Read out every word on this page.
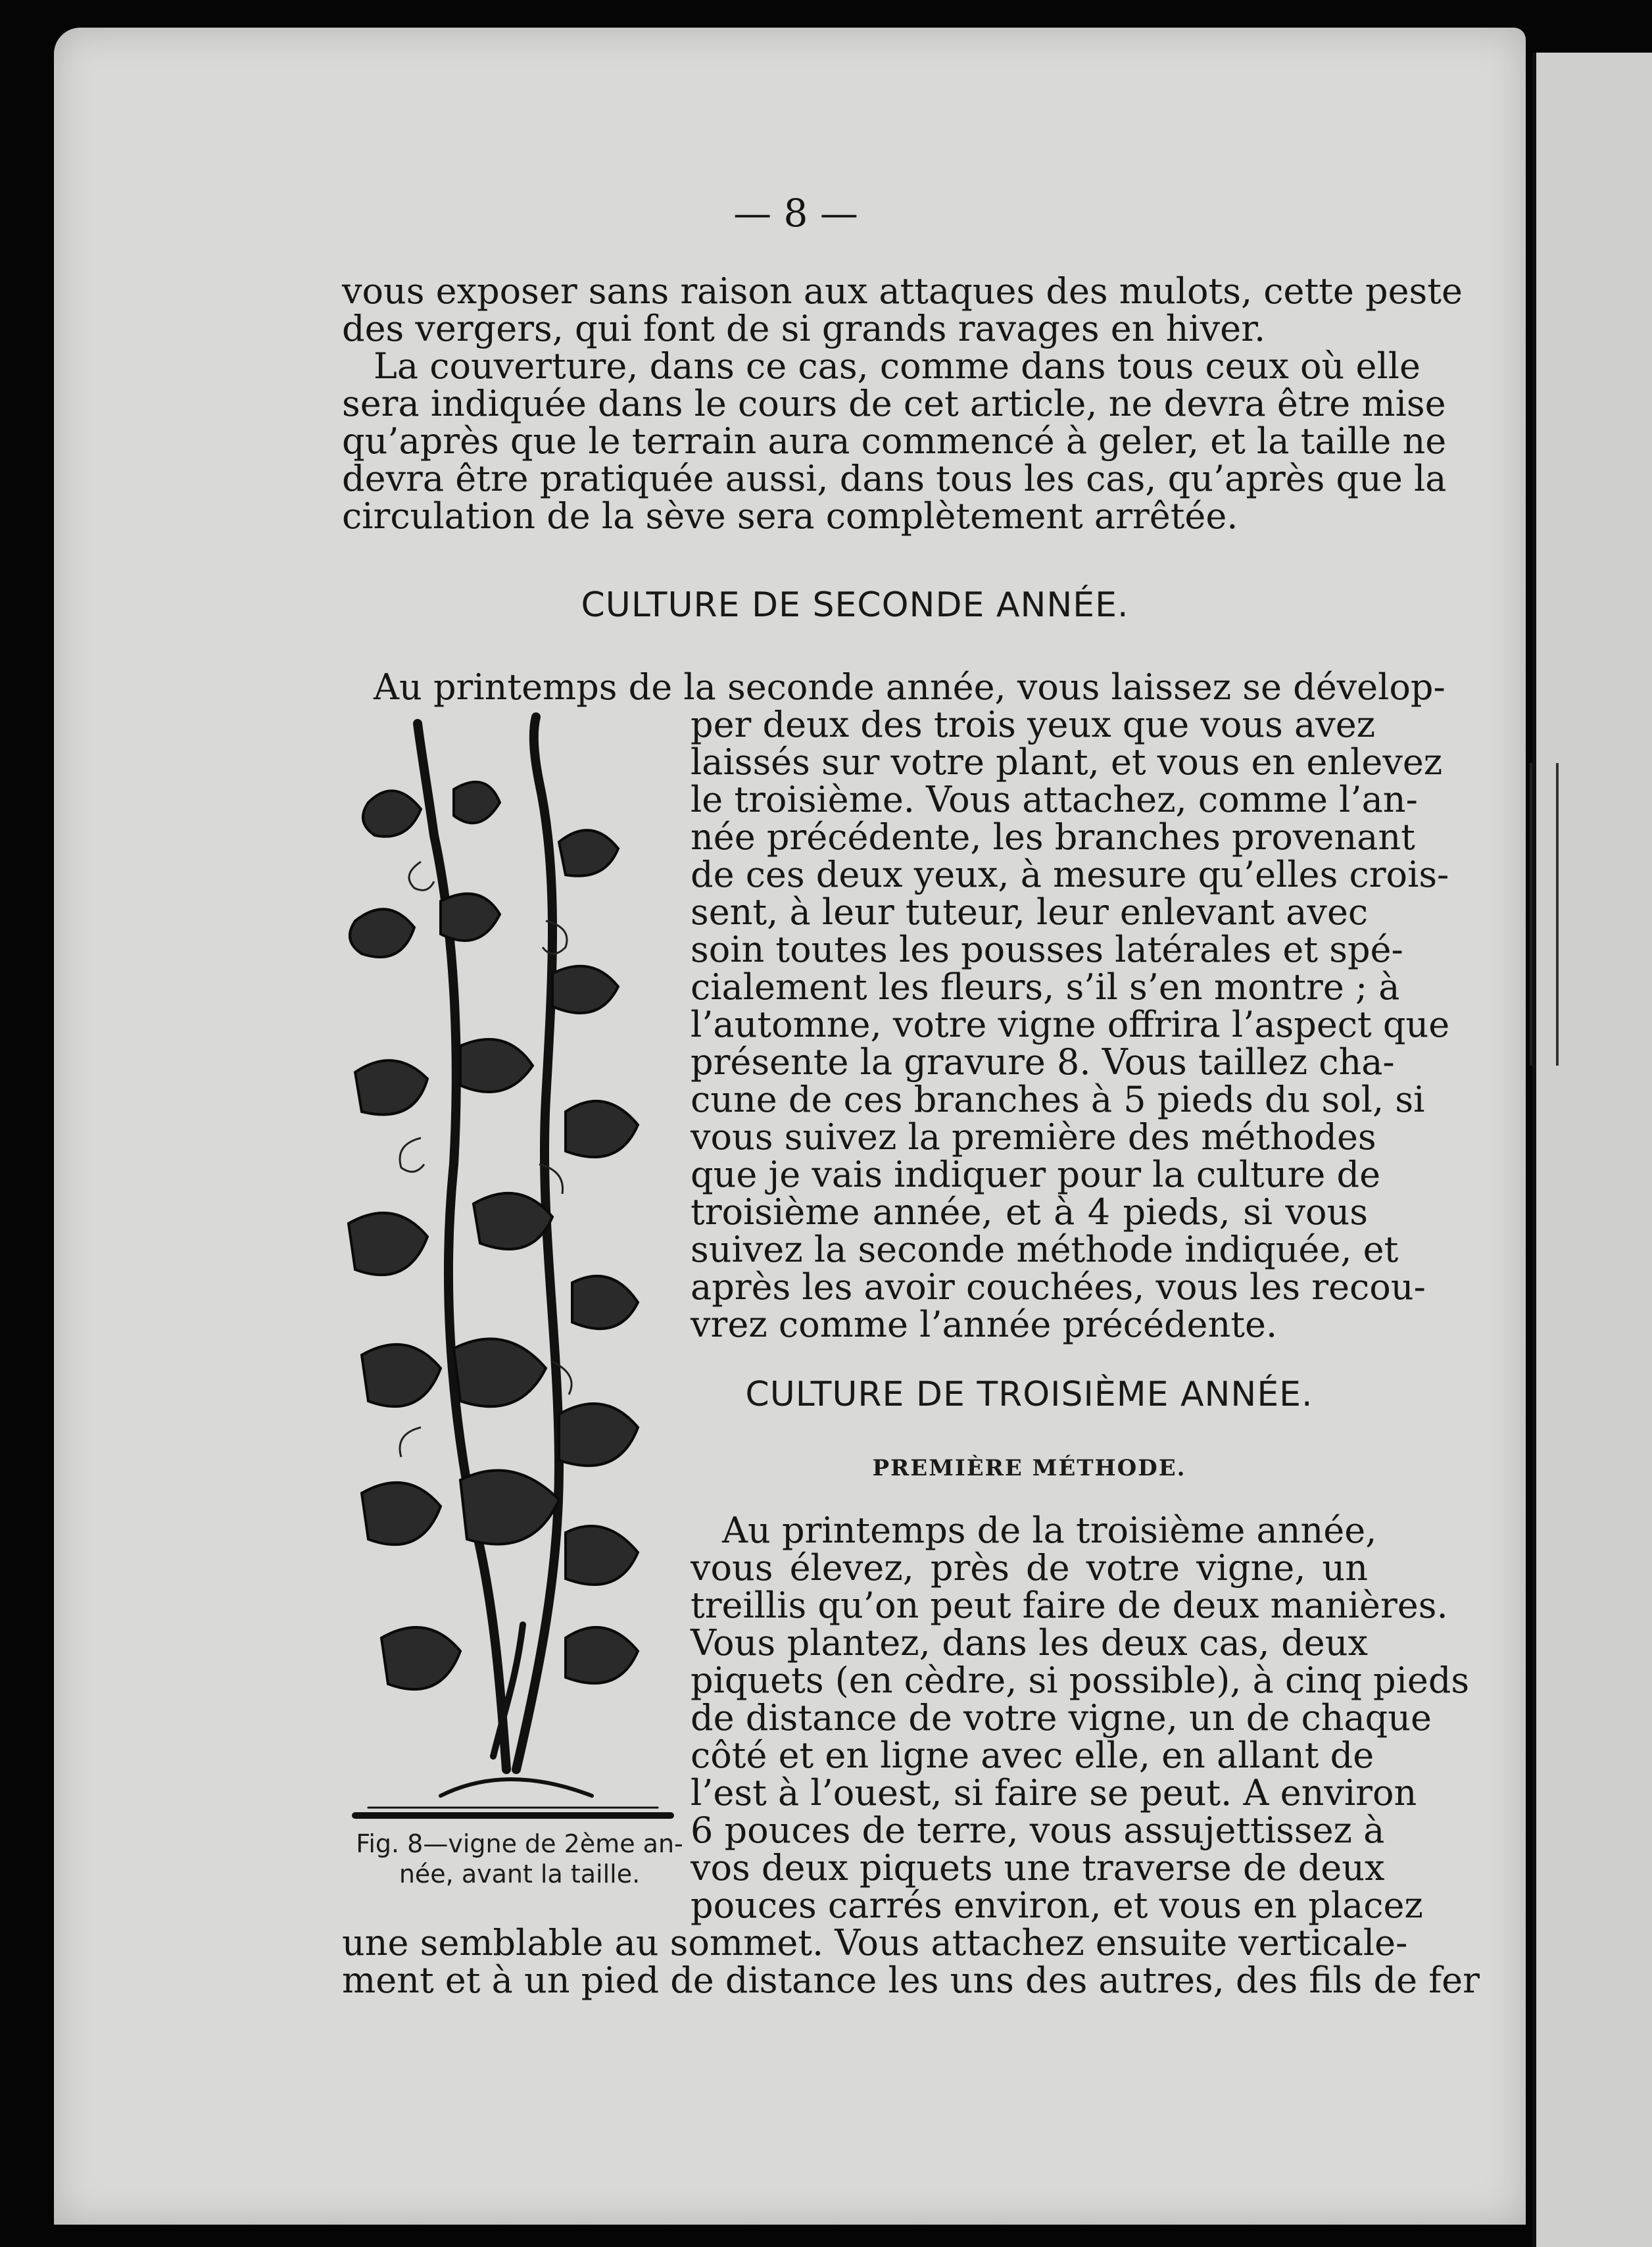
— 8 —
vous exposer sans raison aux attaques des mulots, cette peste
des vergers, qui font de si grands ravages en hiver.
La couverture, dans ce cas, comme dans tous ceux où elle
sera indiquée dans le cours de cet article, ne devra être mise
qu’après que le terrain aura commencé à geler, et la taille ne
devra être pratiquée aussi, dans tous les cas, qu’après que la
circulation de la sève sera complètement arrêtée.
CULTURE DE SECONDE ANNÉE.
Au printemps de la seconde année, vous laissez se dévelop-
per deux des trois yeux que vous avez
laissés sur votre plant, et vous en enlevez
le troisième. Vous attachez, comme l’an-
née précédente, les branches provenant
de ces deux yeux, à mesure qu’elles crois-
sent, à leur tuteur, leur enlevant avec
soin toutes les pousses latérales et spé-
cialement les fleurs, s’il s’en montre ; à
l’automne, votre vigne offrira l’aspect que
présente la gravure 8. Vous taillez cha-
cune de ces branches à 5 pieds du sol, si
vous suivez la première des méthodes
que je vais indiquer pour la culture de
troisième année, et à 4 pieds, si vous
suivez la seconde méthode indiquée, et
après les avoir couchées, vous les recou-
vrez comme l’année précédente.
CULTURE DE TROISIÈME ANNÉE.
PREMIÈRE MÉTHODE.
Au printemps de la troisième année,
vous élevez, près de votre vigne, un
treillis qu’on peut faire de deux manières.
Vous plantez, dans les deux cas, deux
piquets (en cèdre, si possible), à cinq pieds
de distance de votre vigne, un de chaque
côté et en ligne avec elle, en allant de
l’est à l’ouest, si faire se peut. A environ
6 pouces de terre, vous assujettissez à
vos deux piquets une traverse de deux
pouces carrés environ, et vous en placez
une semblable au sommet. Vous attachez ensuite verticale-
ment et à un pied de distance les uns des autres, des fils de fer
Fig. 8—vigne de 2ème an-
née, avant la taille.
